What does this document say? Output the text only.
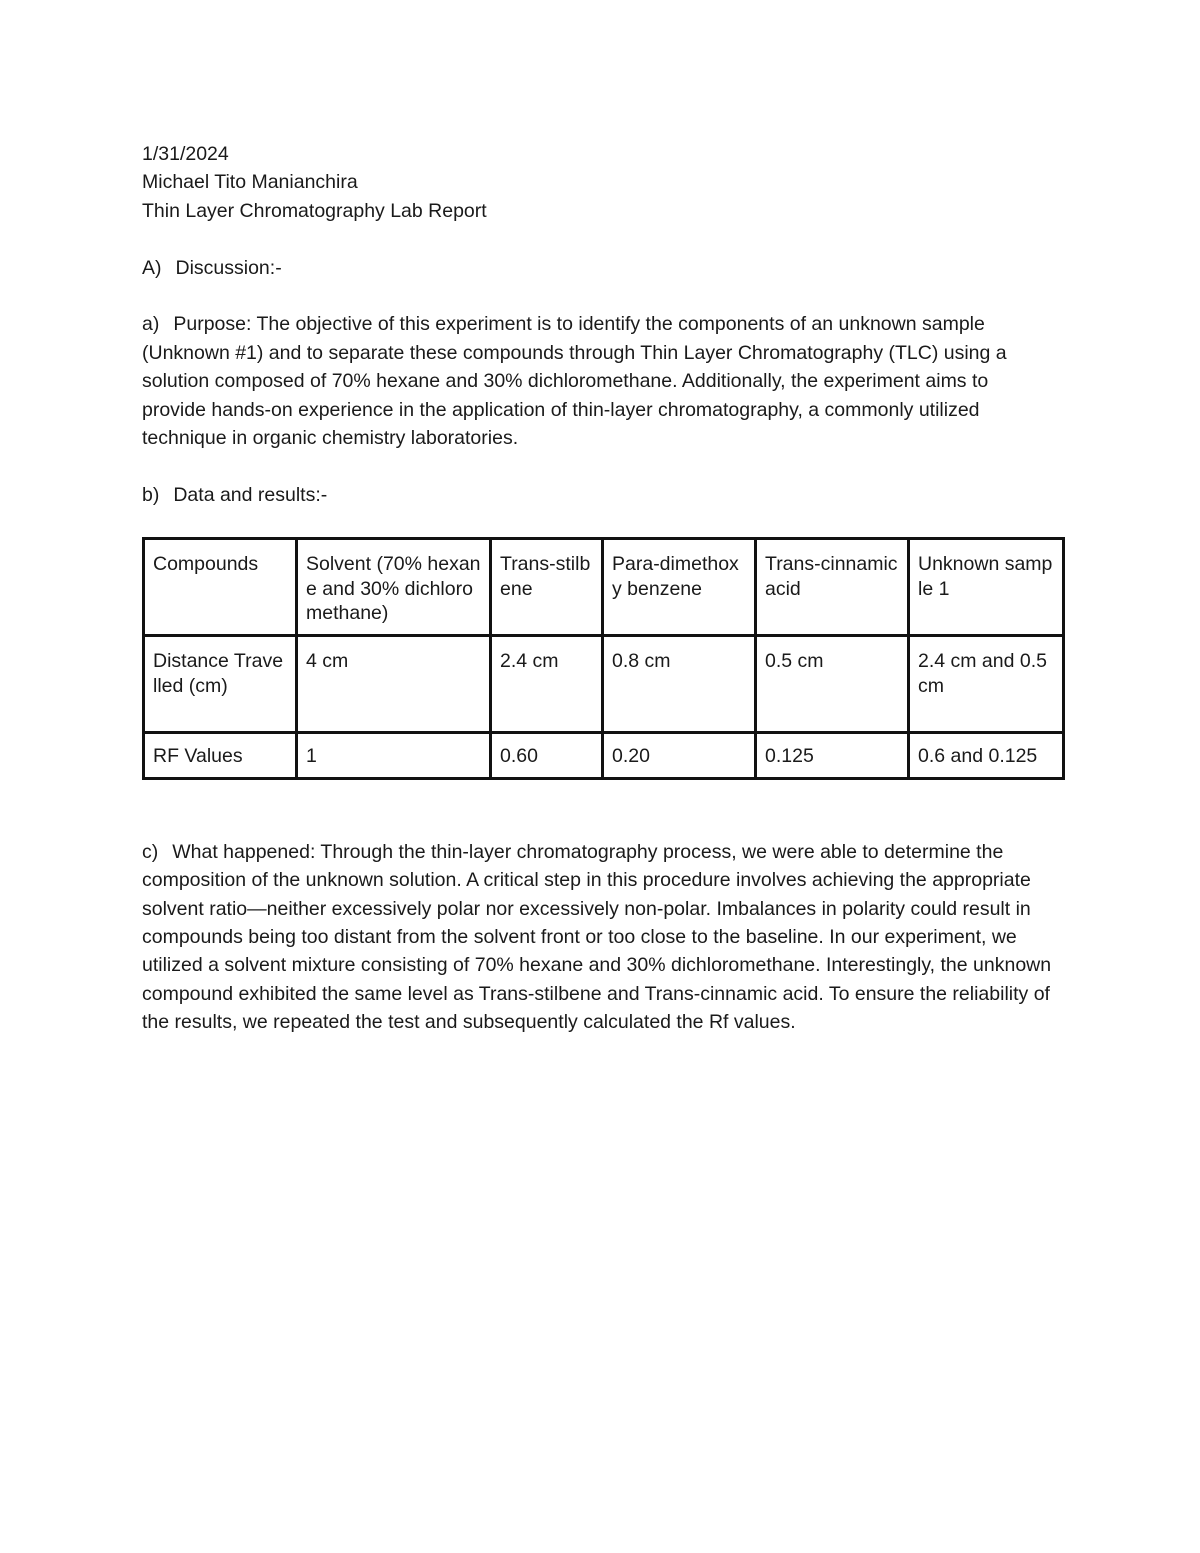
1/31/2024

Michael Tito Manianchira

Thin Layer Chromatography Lab Report

A) Discussion:-

a) Purpose: The objective of this experiment is to identify the components of an unknown sample (Unknown #1) and to separate these compounds through Thin Layer Chromatography (TLC) using a solution composed of 70% hexane and 30% dichloromethane. Additionally, the experiment aims to provide hands-on experience in the application of thin-layer chromatography, a commonly utilized technique in organic chemistry laboratories.

b) Data and results:-

Compounds	Solvent (70% hexane and 30% dichloromethane)	Trans-stilbene	Para-dimethoxy benzene	Trans-cinnamic acid	Unknown sample 1
Distance Travelled (cm)	4 cm	2.4 cm	0.8 cm	0.5 cm	2.4 cm and 0.5 cm
RF Values	1	0.60	0.20	0.125	0.6 and 0.125

c) What happened: Through the thin-layer chromatography process, we were able to determine the composition of the unknown solution. A critical step in this procedure involves achieving the appropriate solvent ratio—neither excessively polar nor excessively non-polar. Imbalances in polarity could result in compounds being too distant from the solvent front or too close to the baseline. In our experiment, we utilized a solvent mixture consisting of 70% hexane and 30% dichloromethane. Interestingly, the unknown compound exhibited the same level as Trans-stilbene and Trans-cinnamic acid. To ensure the reliability of the results, we repeated the test and subsequently calculated the Rf values.
